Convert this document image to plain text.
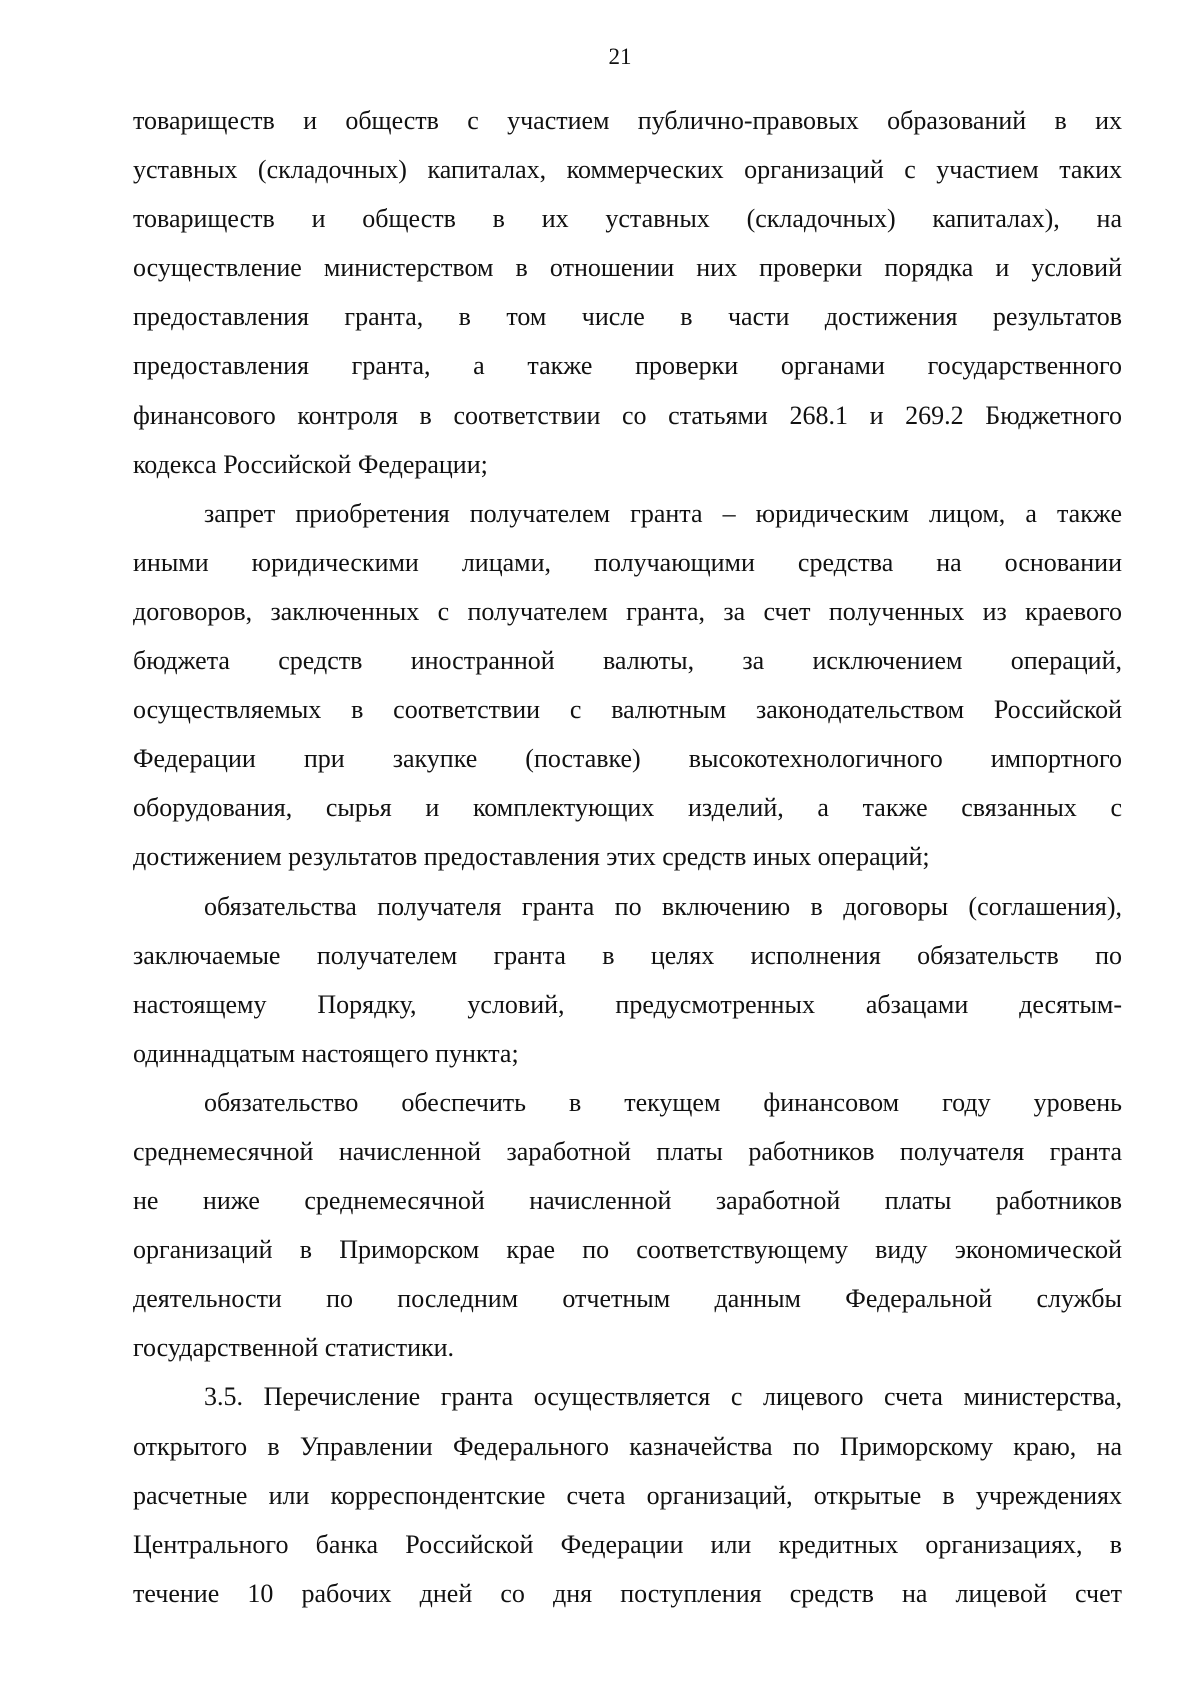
21
товариществ и обществ с участием публично-правовых образований в их
уставных (складочных) капиталах, коммерческих организаций с участием таких
товариществ и обществ в их уставных (складочных) капиталах), на
осуществление министерством в отношении них проверки порядка и условий
предоставления гранта, в том числе в части достижения результатов
предоставления гранта, а также проверки органами государственного
финансового контроля в соответствии со статьями 268.1 и 269.2 Бюджетного
кодекса Российской Федерации;
запрет приобретения получателем гранта – юридическим лицом, а также
иными юридическими лицами, получающими средства на основании
договоров, заключенных с получателем гранта, за счет полученных из краевого
бюджета средств иностранной валюты, за исключением операций,
осуществляемых в соответствии с валютным законодательством Российской
Федерации при закупке (поставке) высокотехнологичного импортного
оборудования, сырья и комплектующих изделий, а также связанных с
достижением результатов предоставления этих средств иных операций;
обязательства получателя гранта по включению в договоры (соглашения),
заключаемые получателем гранта в целях исполнения обязательств по
настоящему Порядку, условий, предусмотренных абзацами десятым-
одиннадцатым настоящего пункта;
обязательство обеспечить в текущем финансовом году уровень
среднемесячной начисленной заработной платы работников получателя гранта
не ниже среднемесячной начисленной заработной платы работников
организаций в Приморском крае по соответствующему виду экономической
деятельности по последним отчетным данным Федеральной службы
государственной статистики.
3.5. Перечисление гранта осуществляется с лицевого счета министерства,
открытого в Управлении Федерального казначейства по Приморскому краю, на
расчетные или корреспондентские счета организаций, открытые в учреждениях
Центрального банка Российской Федерации или кредитных организациях, в
течение 10 рабочих дней со дня поступления средств на лицевой счет
